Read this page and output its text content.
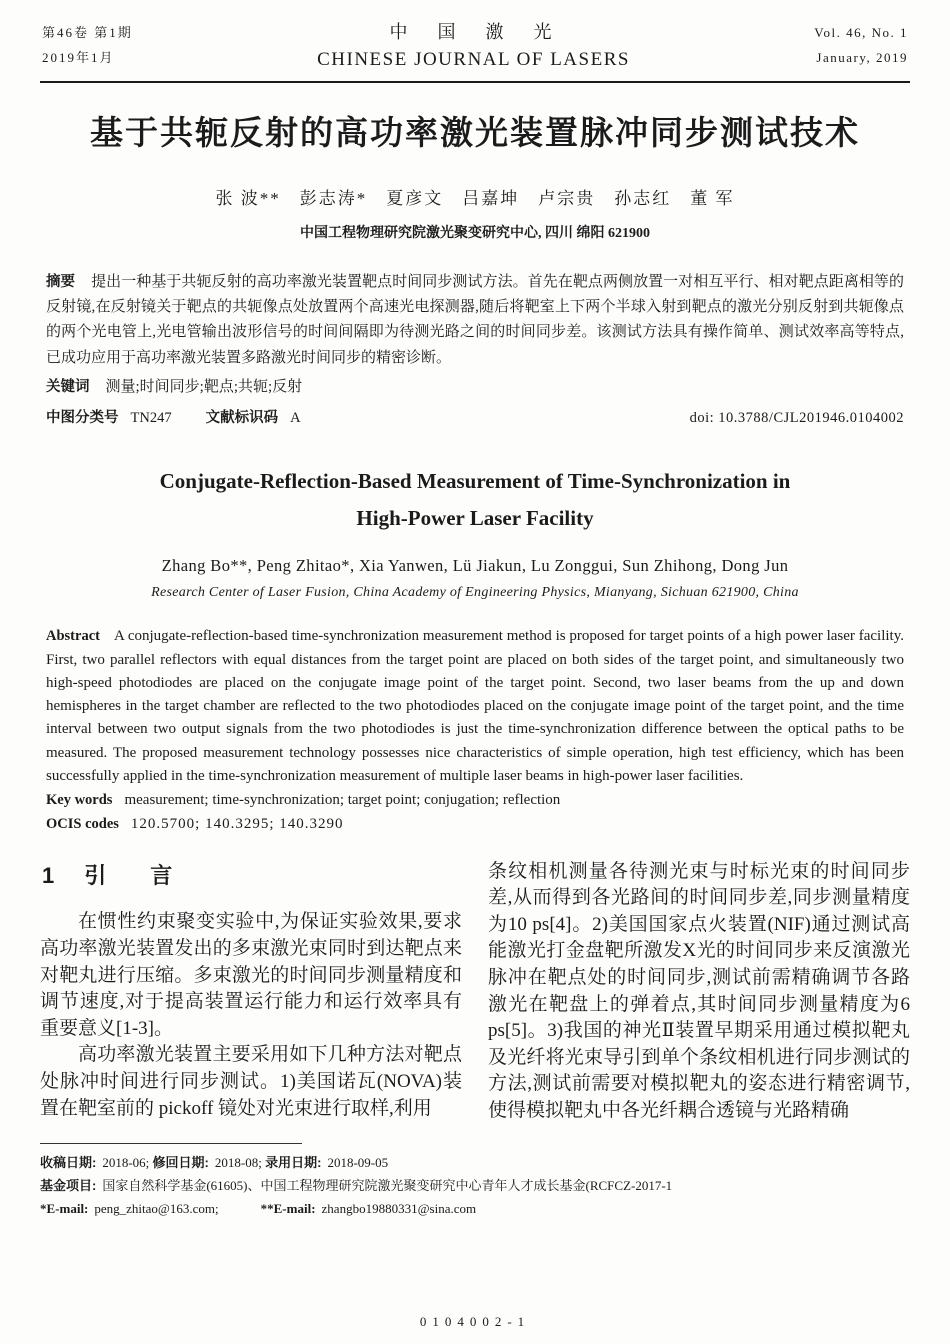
第46卷 第1期
2019年1月
中　国　激　光
CHINESE JOURNAL OF LASERS
Vol. 46, No. 1
January, 2019
基于共轭反射的高功率激光装置脉冲同步测试技术
张 波**　彭志涛*　夏彦文　吕嘉坤　卢宗贵　孙志红　董 军
中国工程物理研究院激光聚变研究中心, 四川 绵阳 621900

摘要 提出一种基于共轭反射的高功率激光装置靶点时间同步测试方法。首先在靶点两侧放置一对相互平行、相对靶点距离相等的反射镜,在反射镜关于靶点的共轭像点处放置两个高速光电探测器,随后将靶室上下两个半球入射到靶点的激光分别反射到共轭像点的两个光电管上,光电管输出波形信号的时间间隔即为待测光路之间的时间同步差。该测试方法具有操作简单、测试效率高等特点,已成功应用于高功率激光装置多路激光时间同步的精密诊断。

关键词 测量;时间同步;靶点;共轭;反射

中图分类号 TN247 文献标识码 A	doi: 10.3788/CJL201946.0104002
Conjugate-Reflection-Based Measurement of Time-Synchronization in
High-Power Laser Facility
Zhang Bo**, Peng Zhitao*, Xia Yanwen, Lü Jiakun, Lu Zonggui, Sun Zhihong, Dong Jun
Research Center of Laser Fusion, China Academy of Engineering Physics, Mianyang, Sichuan 621900, China

Abstract A conjugate-reflection-based time-synchronization measurement method is proposed for target points of a high power laser facility. First, two parallel reflectors with equal distances from the target point are placed on both sides of the target point, and simultaneously two high-speed photodiodes are placed on the conjugate image point of the target point. Second, two laser beams from the up and down hemispheres in the target chamber are reflected to the two photodiodes placed on the conjugate image point of the target point, and the time interval between two output signals from the two photodiodes is just the time-synchronization difference between the optical paths to be measured. The proposed measurement technology possesses nice characteristics of simple operation, high test efficiency, which has been successfully applied in the time-synchronization measurement of multiple laser beams in high-power laser facilities.

Key words measurement; time-synchronization; target point; conjugation; reflection

OCIS codes 120.5700; 140.3295; 140.3290

1 引　　言

在惯性约束聚变实验中,为保证实验效果,要求高功率激光装置发出的多束激光束同时到达靶点来对靶丸进行压缩。多束激光的时间同步测量精度和调节速度,对于提高装置运行能力和运行效率具有重要意义[1-3]。

高功率激光装置主要采用如下几种方法对靶点处脉冲时间进行同步测试。1)美国诺瓦(NOVA)装置在靶室前的 pickoff 镜处对光束进行取样,利用

条纹相机测量各待测光束与时标光束的时间同步差,从而得到各光路间的时间同步差,同步测量精度为10 ps[4]。2)美国国家点火装置(NIF)通过测试高能激光打金盘靶所激发X光的时间同步来反演激光脉冲在靶点处的时间同步,测试前需精确调节各路激光在靶盘上的弹着点,其时间同步测量精度为6 ps[5]。3)我国的神光Ⅱ装置早期采用通过模拟靶丸及光纤将光束导引到单个条纹相机进行同步测试的方法,测试前需要对模拟靶丸的姿态进行精密调节,使得模拟靶丸中各光纤耦合透镜与光路精确

收稿日期: 2018-06; 修回日期: 2018-08; 录用日期: 2018-09-05

基金项目: 国家自然科学基金(61605)、中国工程物理研究院激光聚变研究中心青年人才成长基金(RCFCZ-2017-1

*E-mail: peng_zhitao@163.com;	**E-mail: zhangbo19880331@sina.com

0104002-1
